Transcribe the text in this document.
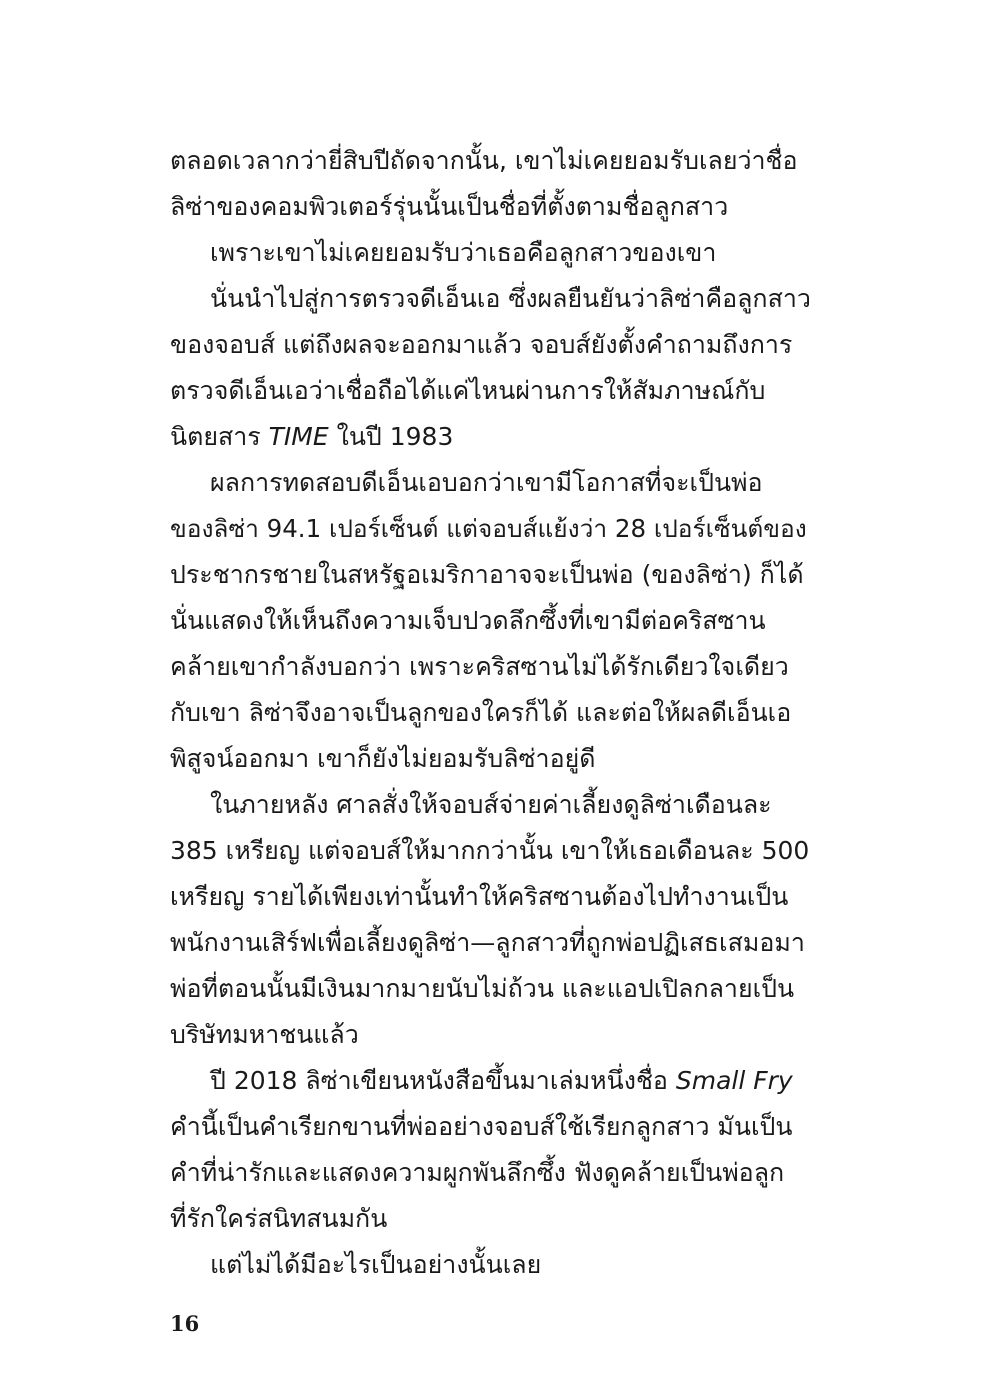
ตลอดเวลากว่ายี่สิบปีถัดจากนั้น, เขาไม่เคยยอมรับเลยว่าชื่อ
ลิซ่าของคอมพิวเตอร์รุ่นนั้นเป็นชื่อที่ตั้งตามชื่อลูกสาว
เพราะเขาไม่เคยยอมรับว่าเธอคือลูกสาวของเขา
นั่นนำไปสู่การตรวจดีเอ็นเอ ซึ่งผลยืนยันว่าลิซ่าคือลูกสาว
ของจอบส์ แต่ถึงผลจะออกมาแล้ว จอบส์ยังตั้งคำถามถึงการ
ตรวจดีเอ็นเอว่าเชื่อถือได้แค่ไหนผ่านการให้สัมภาษณ์กับ
นิตยสาร TIME ในปี 1983
ผลการทดสอบดีเอ็นเอบอกว่าเขามีโอกาสที่จะเป็นพ่อ
ของลิซ่า 94.1 เปอร์เซ็นต์ แต่จอบส์แย้งว่า 28 เปอร์เซ็นต์ของ
ประชากรชายในสหรัฐอเมริกาอาจจะเป็นพ่อ (ของลิซ่า) ก็ได้
นั่นแสดงให้เห็นถึงความเจ็บปวดลึกซึ้งที่เขามีต่อคริสซาน
คล้ายเขากำลังบอกว่า เพราะคริสซานไม่ได้รักเดียวใจเดียว
กับเขา ลิซ่าจึงอาจเป็นลูกของใครก็ได้ และต่อให้ผลดีเอ็นเอ
พิสูจน์ออกมา เขาก็ยังไม่ยอมรับลิซ่าอยู่ดี
ในภายหลัง ศาลสั่งให้จอบส์จ่ายค่าเลี้ยงดูลิซ่าเดือนละ
385 เหรียญ แต่จอบส์ให้มากกว่านั้น เขาให้เธอเดือนละ 500
เหรียญ รายได้เพียงเท่านั้นทำให้คริสซานต้องไปทำงานเป็น
พนักงานเสิร์ฟเพื่อเลี้ยงดูลิซ่า—ลูกสาวที่ถูกพ่อปฏิเสธเสมอมา
พ่อที่ตอนนั้นมีเงินมากมายนับไม่ถ้วน และแอปเปิลกลายเป็น
บริษัทมหาชนแล้ว
ปี 2018 ลิซ่าเขียนหนังสือขึ้นมาเล่มหนึ่งชื่อ Small Fry
คำนี้เป็นคำเรียกขานที่พ่ออย่างจอบส์ใช้เรียกลูกสาว มันเป็น
คำที่น่ารักและแสดงความผูกพันลึกซึ้ง ฟังดูคล้ายเป็นพ่อลูก
ที่รักใคร่สนิทสนมกัน
แต่ไม่ได้มีอะไรเป็นอย่างนั้นเลย
16
